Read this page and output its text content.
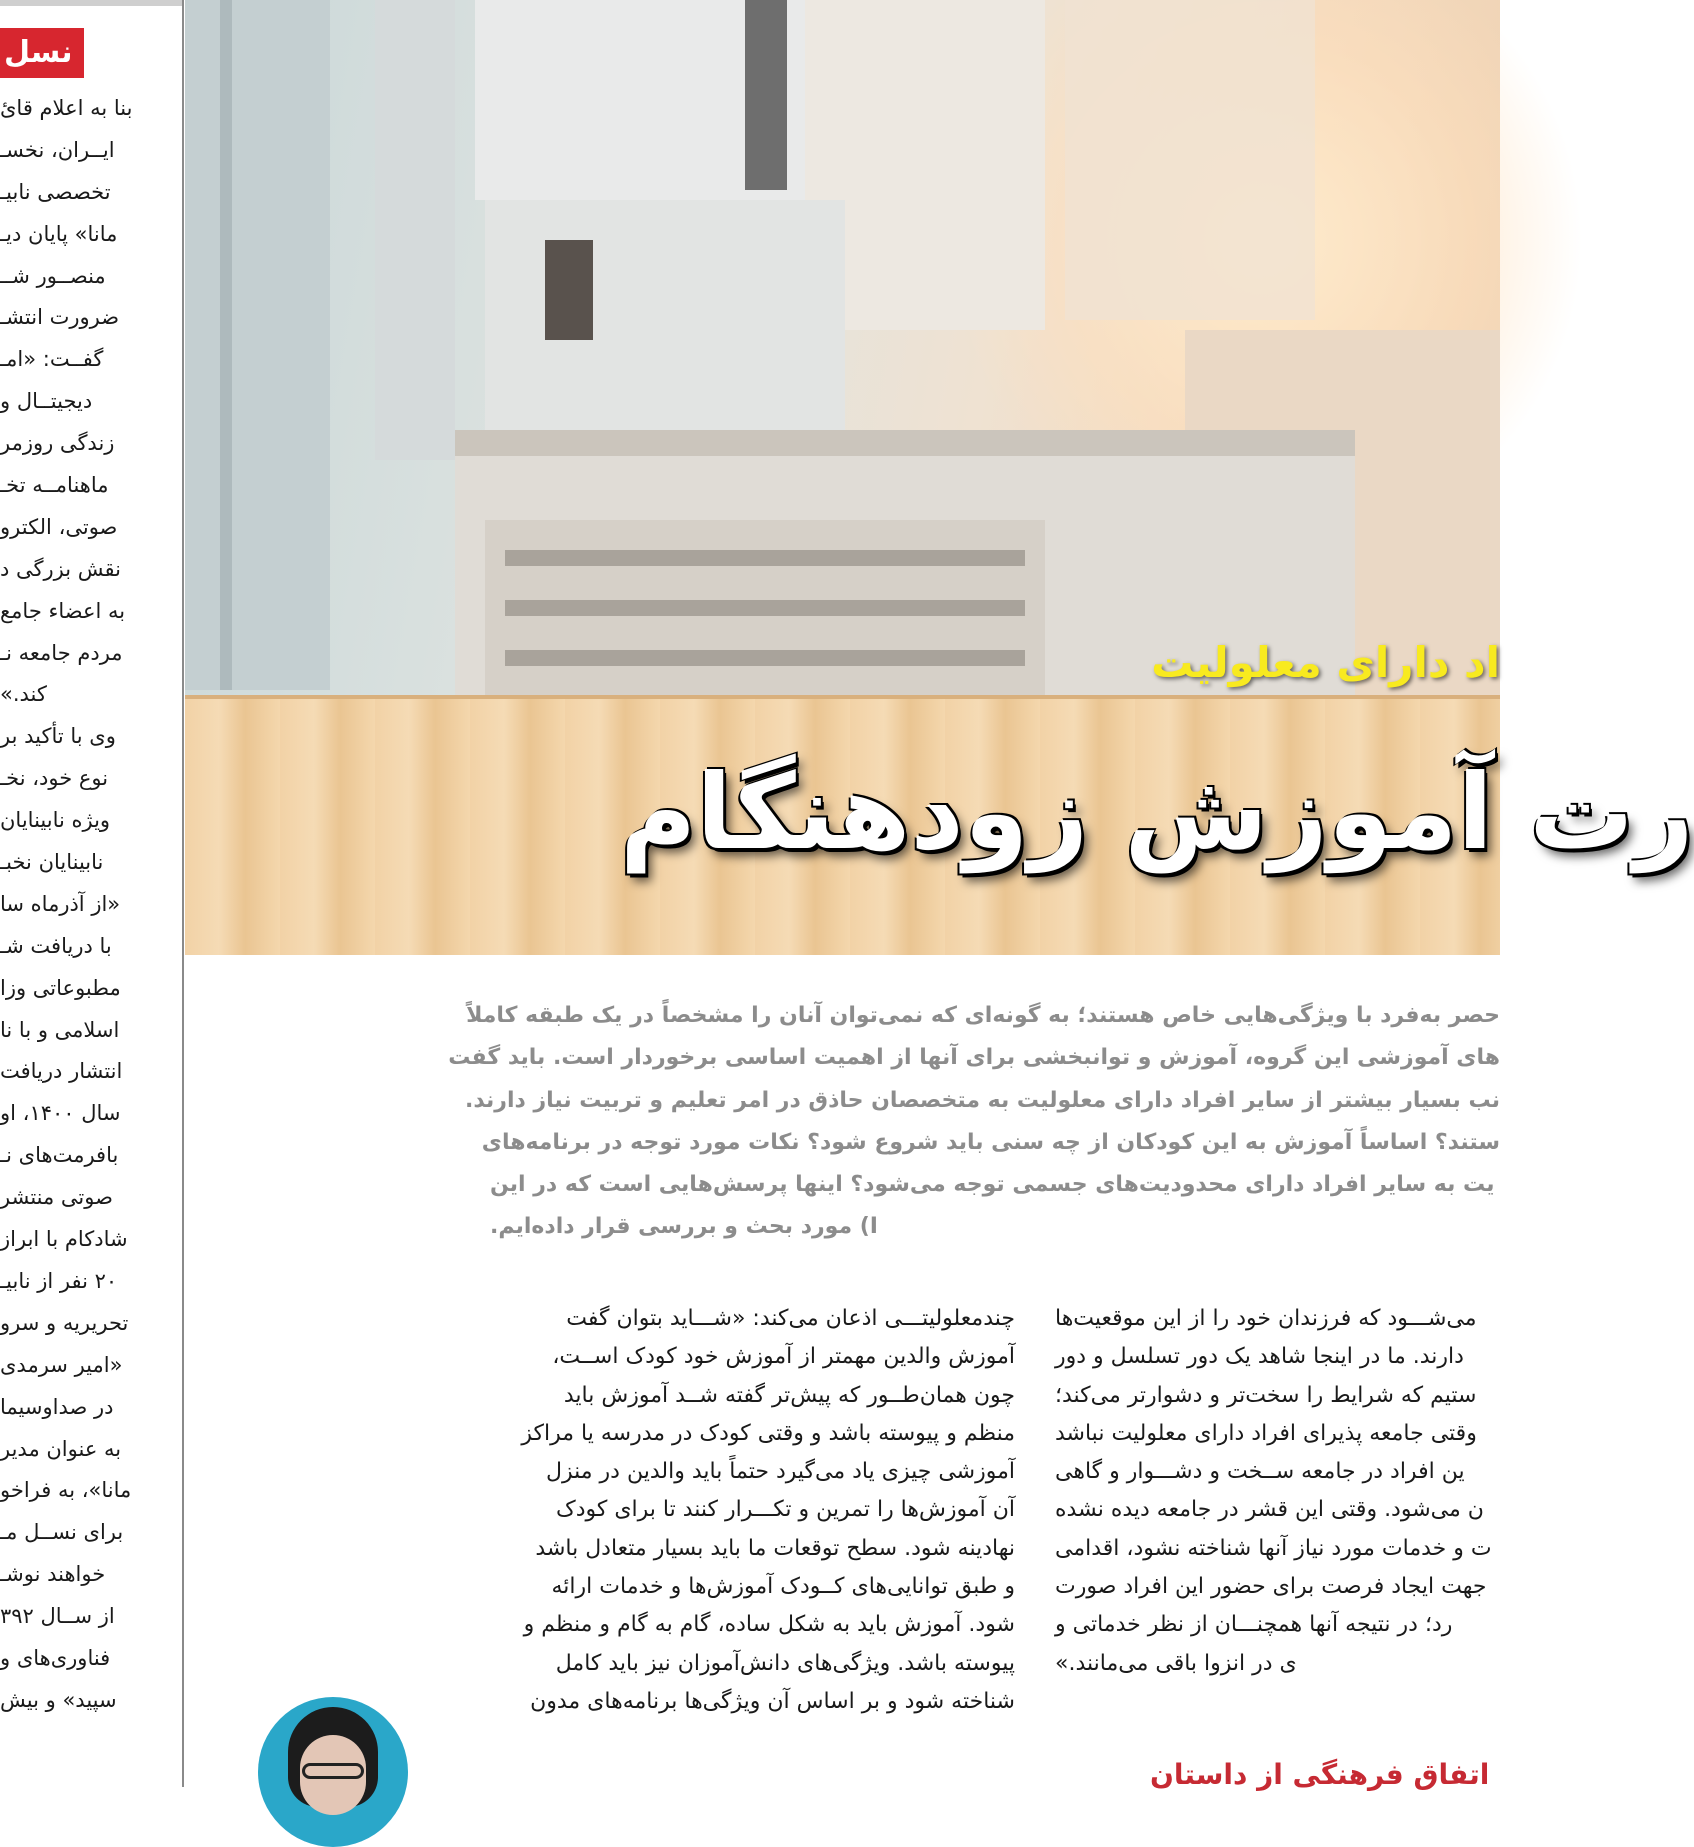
نسل
بنا به اعلام قائ
ایــران، نخسـ
تخصصی نابیـ
مانا» پایان دیـ
منصــور شــ
ضرورت انتشـ
گفــت: «امـ
دیجیتــال و
زندگی روزمر
ماهنامــه تخـ
صوتی، الکترو
نقش بزرگی د
به اعضاء جامع
مردم جامعه نـ
کند.»
وی با تأکید بر
نوع خود، نخـ
ویژه نابینایان
نابینایان نخبـ
«از آذرماه سا
با دریافت شـ
مطبوعاتی وزا
اسلامی و با نا
انتشار دریافت
سال ۱۴۰۰، او
بافرمت‌های نـ
صوتی منتشر
شادکام با ابراز
۲۰ نفر از نابیـ
تحریریه و سرو
«امیر سرمدی
در صداوسیما
به عنوان مدیر
مانا»، به فراخو
برای نســل مـ
خواهند نوشـ
از ســال ۳۹۲
فناوری‌های و
سپید» و بیش
اد دارای معلولیت
رت آموزش زودهنگام
حصر به‌فرد با ویژگی‌هایی خاص هستند؛ به گونه‌ای که نمی‌توان آنان را مشخصاً در یک طبقه کاملاً
های آموزشی این گروه، آموزش و توانبخشی برای آنها از اهمیت اساسی برخوردار است. باید گفت
نب بسیار بیشتر از سایر افراد دارای معلولیت به متخصصان حاذق در امر تعلیم و تربیت نیاز دارند.
ستند؟ اساساً آموزش به این کودکان از چه سنی باید شروع شود؟ نکات مورد توجه در برنامه‌های
یت به سایر افراد دارای محدودیت‌های جسمی توجه می‌شود؟ اینها پرسش‌هایی است که در این
I) مورد بحث و بررسی قرار داده‌ایم.
چندمعلولیتـــی اذعان می‌کند: «شـــاید بتوان گفت
آموزش والدین مهمتر از آموزش خود کودک اســت،
چون همان‌طــور که پیش‌تر گفته شــد آموزش باید
منظم و پیوسته باشد و وقتی کودک در مدرسه یا مراکز
آموزشی چیزی یاد می‌گیرد حتماً باید والدین در منزل
آن آموزش‌ها را تمرین و تکـــرار کنند تا برای کودک
نهادینه شود. سطح توقعات ما باید بسیار متعادل باشد
و طبق توانایی‌های کــودک آموزش‌ها و خدمات ارائه
شود. آموزش باید به شکل ساده، گام به گام و منظم و
پیوسته باشد. ویژگی‌های دانش‌آموزان نیز باید کامل
شناخته شود و بر اساس آن ویژگی‌ها برنامه‌های مدون
می‌شـــود که فرزندان خود را از این موقعیت‌ها
دارند. ما در اینجا شاهد یک دور تسلسل و دور
ستیم که شرایط را سخت‌تر و دشوارتر می‌کند؛
وقتی جامعه پذیرای افراد دارای معلولیت نباشد
ین افراد در جامعه ســخت و دشـــوار و گاهی
ن می‌شود. وقتی این قشر در جامعه دیده نشده
ت و خدمات مورد نیاز آنها شناخته نشود، اقدامی
جهت ایجاد فرصت برای حضور این افراد صورت
رد؛ در نتیجه آنها همچنـــان از نظر خدماتی و
ی در انزوا باقی می‌مانند.»
اتفاق فرهنگی از داستان
